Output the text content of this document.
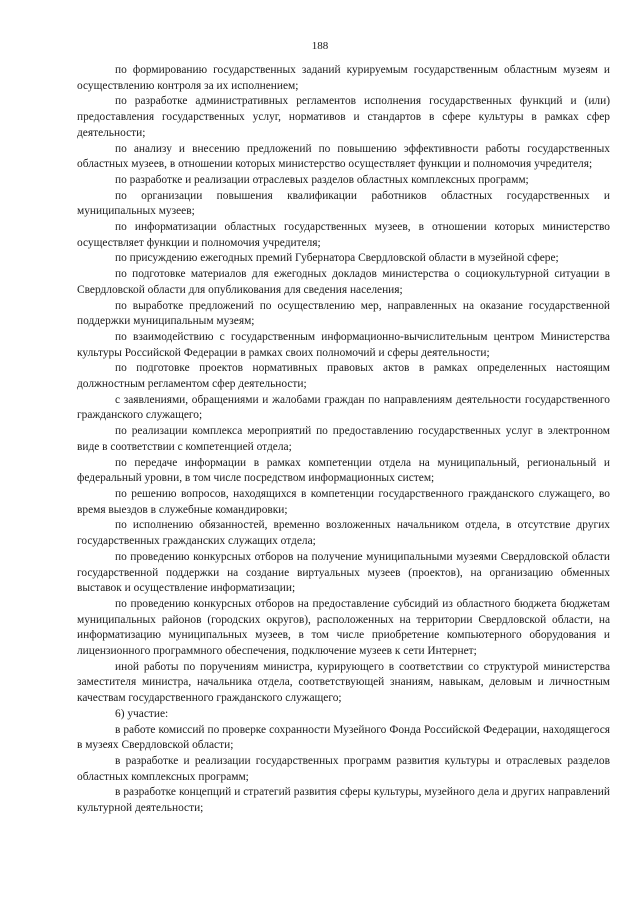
188

по формированию государственных заданий курируемым государственным областным музеям и осуществлению контроля за их исполнением;

по разработке административных регламентов исполнения государственных функций и (или) предоставления государственных услуг, нормативов и стандартов в сфере культуры в рамках сфер деятельности;

по анализу и внесению предложений по повышению эффективности работы государственных областных музеев, в отношении которых министерство осуществляет функции и полномочия учредителя;

по разработке и реализации отраслевых разделов областных комплексных программ;

по организации повышения квалификации работников областных государственных и муниципальных музеев;

по информатизации областных государственных музеев, в отношении которых министерство осуществляет функции и полномочия учредителя;

по присуждению ежегодных премий Губернатора Свердловской области в музейной сфере;

по подготовке материалов для ежегодных докладов министерства о социокультурной ситуации в Свердловской области для опубликования для сведения населения;

по выработке предложений по осуществлению мер, направленных на оказание государственной поддержки муниципальным музеям;

по взаимодействию с государственным информационно-вычислительным центром Министерства культуры Российской Федерации в рамках своих полномочий и сферы деятельности;

по подготовке проектов нормативных правовых актов в рамках определенных настоящим должностным регламентом сфер деятельности;

с заявлениями, обращениями и жалобами граждан по направлениям деятельности государственного гражданского служащего;

по реализации комплекса мероприятий по предоставлению государственных услуг в электронном виде в соответствии с компетенцией отдела;

по передаче информации в рамках компетенции отдела на муниципальный, региональный и федеральный уровни, в том числе посредством информационных систем;

по решению вопросов, находящихся в компетенции государственного гражданского служащего, во время выездов в служебные командировки;

по исполнению обязанностей, временно возложенных начальником отдела, в отсутствие других государственных гражданских служащих отдела;

по проведению конкурсных отборов на получение муниципальными музеями Свердловской области государственной поддержки на создание виртуальных музеев (проектов), на организацию обменных выставок и осуществление информатизации;

по проведению конкурсных отборов на предоставление субсидий из областного бюджета бюджетам муниципальных районов (городских округов), расположенных на территории Свердловской области, на информатизацию муниципальных музеев, в том числе приобретение компьютерного оборудования и лицензионного программного обеспечения, подключение музеев к сети Интернет;

иной работы по поручениям министра, курирующего в соответствии со структурой министерства заместителя министра, начальника отдела, соответствующей знаниям, навыкам, деловым и личностным качествам государственного гражданского служащего;

6) участие:

в работе комиссий по проверке сохранности Музейного Фонда Российской Федерации, находящегося в музеях Свердловской области;

в разработке и реализации государственных программ развития культуры и отраслевых разделов областных комплексных программ;

в разработке концепций и стратегий развития сферы культуры, музейного дела и других направлений культурной деятельности;
